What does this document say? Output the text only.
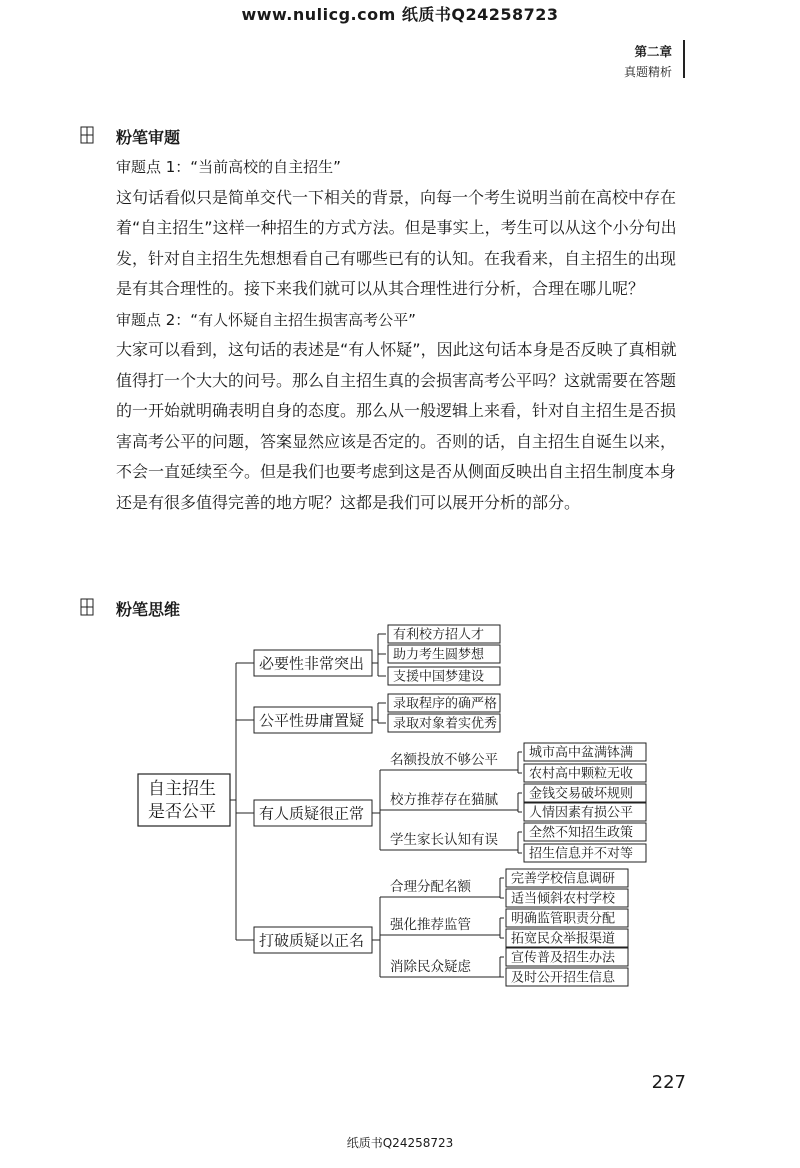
www.nulicg.com 纸质书Q24258723
第二章
真题精析
粉笔审题

审题点 1：“当前高校的自主招生”

这句话看似只是简单交代一下相关的背景，向每一个考生说明当前在高校中存在着“自主招生”这样一种招生的方式方法。但是事实上，考生可以从这个小分句出发，针对自主招生先想想看自己有哪些已有的认知。在我看来，自主招生的出现是有其合理性的。接下来我们就可以从其合理性进行分析，合理在哪儿呢？

审题点 2：“有人怀疑自主招生损害高考公平”

大家可以看到，这句话的表述是“有人怀疑”，因此这句话本身是否反映了真相就值得打一个大大的问号。那么自主招生真的会损害高考公平吗？这就需要在答题的一开始就明确表明自身的态度。那么从一般逻辑上来看，针对自主招生是否损害高考公平的问题，答案显然应该是否定的。否则的话，自主招生自诞生以来，不会一直延续至今。但是我们也要考虑到这是否从侧面反映出自主招生制度本身还是有很多值得完善的地方呢？这都是我们可以展开分析的部分。

粉笔思维
自主招生
是否公平
必要性非常突出
有利校方招人才
助力考生圆梦想
支援中国梦建设
公平性毋庸置疑
录取程序的确严格
录取对象着实优秀
有人质疑很正常
名额投放不够公平 城市高中盆满钵满
农村高中颗粒无收
校方推荐存在猫腻 金钱交易破坏规则
人情因素有损公平
学生家长认知有误 全然不知招生政策
招生信息并不对等
打破质疑以正名
合理分配名额	完善学校信息调研
适当倾斜农村学校
强化推荐监管	明确监管职责分配
拓宽民众举报渠道
消除民众疑虑
宣传普及招生办法
及时公开招生信息
227
纸质书Q24258723
